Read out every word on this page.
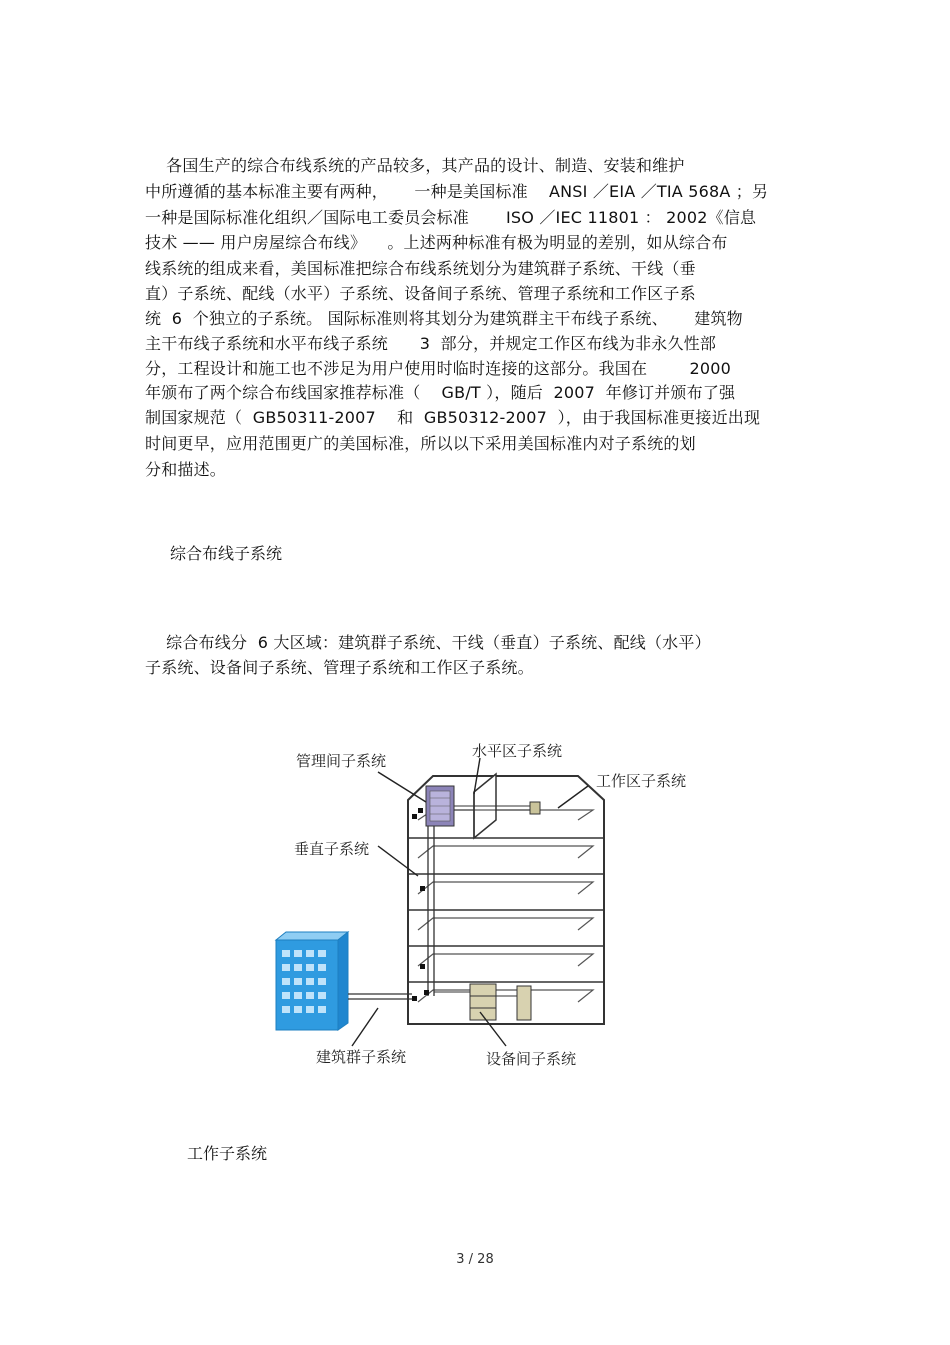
各国生产的综合布线系统的产品较多，其产品的设计、制造、安装和维护
中所遵循的基本标准主要有两种，     一种是美国标准    ANSI ／EIA ／TIA 568A ；另
一种是国际标准化组织／国际电工委员会标准       ISO ／IEC 11801 ： 2002《信息
技术 —— 用户房屋综合布线》    。上述两种标准有极为明显的差别，如从综合布
线系统的组成来看，美国标准把综合布线系统划分为建筑群子系统、干线（垂
直）子系统、配线（水平）子系统、设备间子系统、管理子系统和工作区子系
统  6  个独立的子系统。 国际标准则将其划分为建筑群主干布线子系统、     建筑物
主干布线子系统和水平布线子系统      3  部分，并规定工作区布线为非永久性部
分，工程设计和施工也不涉足为用户使用时临时连接的这部分。我国在        2000
年颁布了两个综合布线国家推荐标准（    GB/T ），随后  2007  年修订并颁布了强
制国家规范（  GB50311-2007    和  GB50312-2007  ），由于我国标准更接近出现
时间更早，应用范围更广的美国标准，所以以下采用美国标准内对子系统的划
分和描述。
综合布线子系统
综合布线分  6 大区域：建筑群子系统、干线（垂直）子系统、配线（水平）
子系统、设备间子系统、管理子系统和工作区子系统。
管理间子系统
水平区子系统
工作区子系统
垂直子系统
建筑群子系统	设备间子系统
工作子系统
3 / 28
